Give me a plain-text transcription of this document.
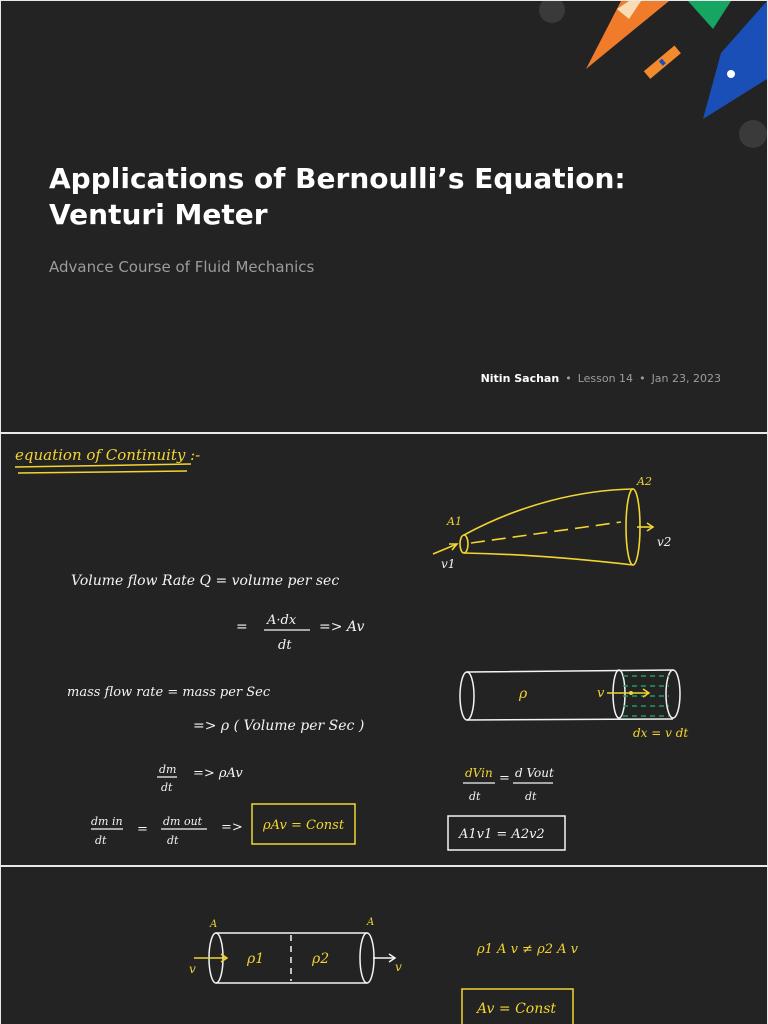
Applications of Bernoulli’s Equation:
Venturi Meter
Advance Course of Fluid Mechanics
Nitin Sachan • Lesson 14 • Jan 23, 2023
equation of Continuity :-
A1
A2
v1
v2
Volume flow Rate Q = volume per sec
= A·dx
dt
=> Av
ρ	v
dx = v dt
mass flow rate = mass per Sec
=> ρ ( Volume per Sec )
dm
dt
=> ρAv
dm in
dt
=
dm out
dt
=> ρAv = Const
dVin
dt
= d Vout
dt
A1v1 = A2v2
A	A
v	v
ρ1	ρ2
ρ1 A v ≠ ρ2 A v
Av = Const
